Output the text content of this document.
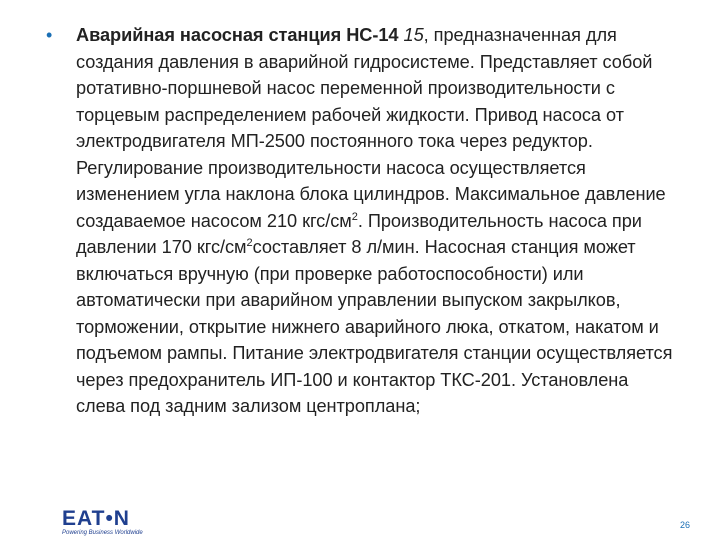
•	Аварийная насосная станция НС-14 15, предназначенная для создания давления в аварийной гидросистеме. Представляет собой ротативно-поршневой насос переменной производительности с торцевым распределением рабочей жидкости. Привод насоса от электродвигателя МП-2500 постоянного тока через редуктор. Регулирование производительности насоса осуществляется изменением угла наклона блока цилиндров. Максимальное давление создаваемое насосом 210 кгс/$см^2$. Производительность насоса при давлении 170 кгс/$см^2составляет$ 8 л/мин. Насосная станция может включаться вручную (при проверке работоспособности) или автоматически при аварийном управлении выпуском закрылков, торможении, открытие нижнего аварийного люка, откатом, накатом и подъемом рампы. Питание электродвигателя станции осуществляется через предохранитель ИП-100 и контактор ТКС-201. Установлена слева под задним зализом центроплана;
EAT•N
Powering Business Worldwide
26
